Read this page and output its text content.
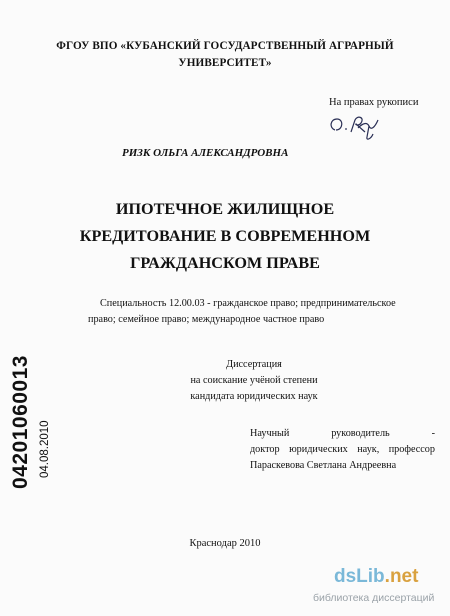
ФГОУ ВПО «КУБАНСКИЙ ГОСУДАРСТВЕННЫЙ АГРАРНЫЙ
УНИВЕРСИТЕТ»
На правах рукописи
РИЗК ОЛЬГА АЛЕКСАНДРОВНА
ИПОТЕЧНОЕ ЖИЛИЩНОЕ
КРЕДИТОВАНИЕ В СОВРЕМЕННОМ
ГРАЖДАНСКОМ ПРАВЕ
Специальность 12.00.03 - гражданское право; предпринимательское
право; семейное право; международное частное право
Диссертация
на соискание учёной степени
кандидата юридических наук
Научный	руководитель	-
доктор юридических наук, профессор
Параскевова Светлана Андреевна
Краснодар 2010
04201060013 04.08.2010
dsLib.net
библиотека диссертаций
